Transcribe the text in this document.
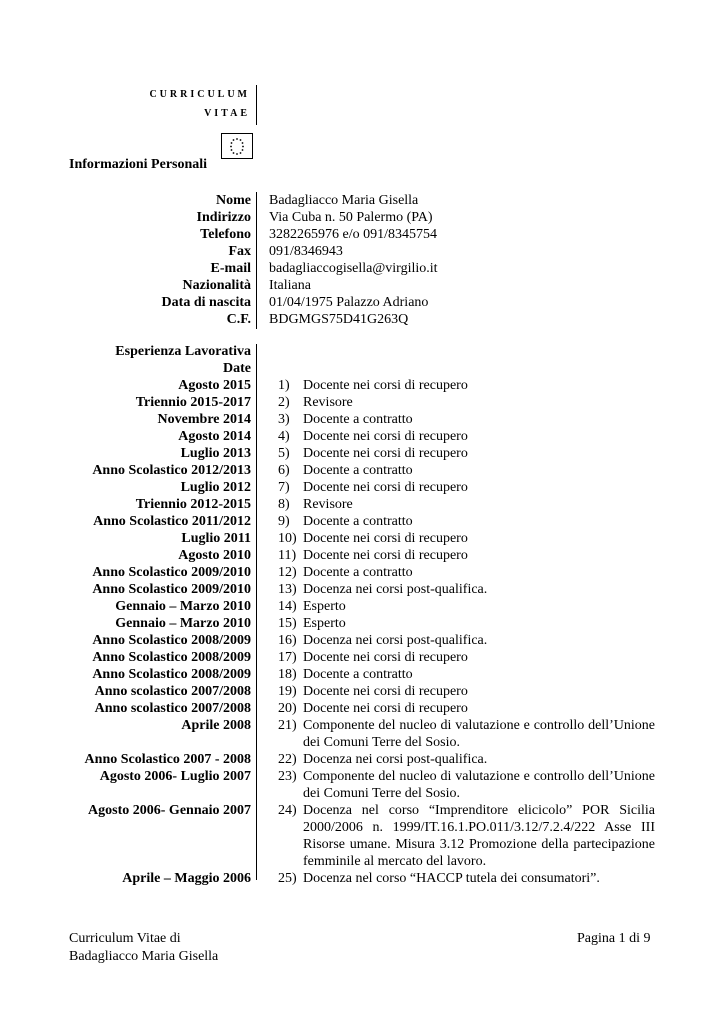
CURRICULUM
VITAE
Informazioni Personali
Nome Badagliacco Maria Gisella
Indirizzo Via Cuba n. 50 Palermo (PA)
Telefono 3282265976 e/o 091/8345754
Fax 091/8346943
E-mail badagliaccogisella@virgilio.it
Nazionalità Italiana
Data di nascita 01/04/1975 Palazzo Adriano
C.F. BDGMGS75D41G263Q
Esperienza Lavorativa
Date
Agosto 2015 1) Docente nei corsi di recupero
Triennio 2015-2017 2) Revisore
Novembre 2014 3) Docente a contratto
Agosto 2014 4) Docente nei corsi di recupero
Luglio 2013 5) Docente nei corsi di recupero
Anno Scolastico 2012/2013 6) Docente a contratto
Luglio 2012 7) Docente nei corsi di recupero
Triennio 2012-2015 8) Revisore
Anno Scolastico 2011/2012 9) Docente a contratto
Luglio 2011 10) Docente nei corsi di recupero
Agosto 2010 11) Docente nei corsi di recupero
Anno Scolastico 2009/2010 12) Docente a contratto
Anno Scolastico 2009/2010 13) Docenza nei corsi post-qualifica.
Gennaio – Marzo 2010 14) Esperto
Gennaio – Marzo 2010 15) Esperto
Anno Scolastico 2008/2009 16) Docenza nei corsi post-qualifica.
Anno Scolastico 2008/2009 17) Docente nei corsi di recupero
Anno Scolastico 2008/2009 18) Docente a contratto
Anno scolastico 2007/2008 19) Docente nei corsi di recupero
Anno scolastico 2007/2008 20) Docente nei corsi di recupero
Aprile 2008 21) Componente del nucleo di valutazione e controllo dell’Unione dei Comuni Terre del Sosio.
Anno Scolastico 2007 - 2008 22) Docenza nei corsi post-qualifica.
Agosto 2006- Luglio 2007 23) Componente del nucleo di valutazione e controllo dell’Unione dei Comuni Terre del Sosio.
Agosto 2006- Gennaio 2007 24) Docenza nel corso “Imprenditore elicicolo” POR Sicilia 2000/2006 n. 1999/IT.16.1.PO.011/3.12/7.2.4/222 Asse III Risorse umane. Misura 3.12 Promozione della partecipazione femminile al mercato del lavoro.
Aprile – Maggio 2006 25) Docenza nel corso “HACCP tutela dei consumatori”.
Curriculum Vitae di
Badagliacco Maria Gisella
Pagina 1 di 9
